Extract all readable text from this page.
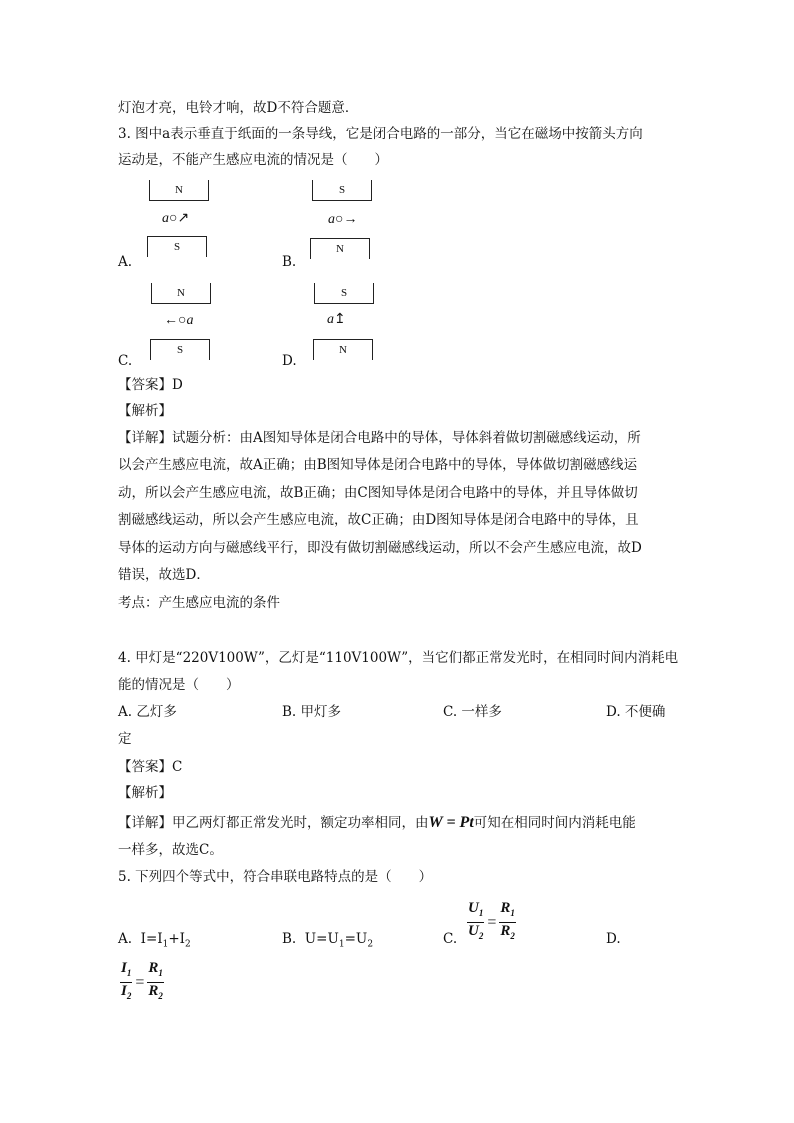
灯泡才亮，电铃才响，故D不符合题意．
3. 图中a表示垂直于纸面的一条导线，它是闭合电路的一部分，当它在磁场中按箭头方向
运动是，不能产生感应电流的情况是（　　）
N
a○↗
S
A.
S
a○→
N
B.
N
←○a
S
C.
S
a↥
N
D.
【答案】D
【解析】
【详解】试题分析：由A图知导体是闭合电路中的导体，导体斜着做切割磁感线运动，所
以会产生感应电流，故A正确；由B图知导体是闭合电路中的导体，导体做切割磁感线运
动，所以会产生感应电流，故B正确；由C图知导体是闭合电路中的导体，并且导体做切
割磁感线运动，所以会产生感应电流，故C正确；由D图知导体是闭合电路中的导体，且
导体的运动方向与磁感线平行，即没有做切割磁感线运动，所以不会产生感应电流，故D
错误，故选D．
考点：产生感应电流的条件
4. 甲灯是“220V100W”，乙灯是“110V100W”，当它们都正常发光时，在相同时间内消耗电
能的情况是（　　）
A. 乙灯多	B. 甲灯多	C. 一样多	D. 不便确
定
【答案】C
【解析】
【详解】甲乙两灯都正常发光时，额定功率相同，由W = Pt可知在相同时间内消耗电能
一样多，故选C。
5. 下列四个等式中，符合串联电路特点的是（　　）
A.  $I=I_1+I_2$	B.  $U=U_1=U_2$	C. $\frac{U_1}{U_2} = \frac{R_1}{R_2}$	D.
$\frac{I_1}{I_2} = \frac{R_1}{R_2}$
